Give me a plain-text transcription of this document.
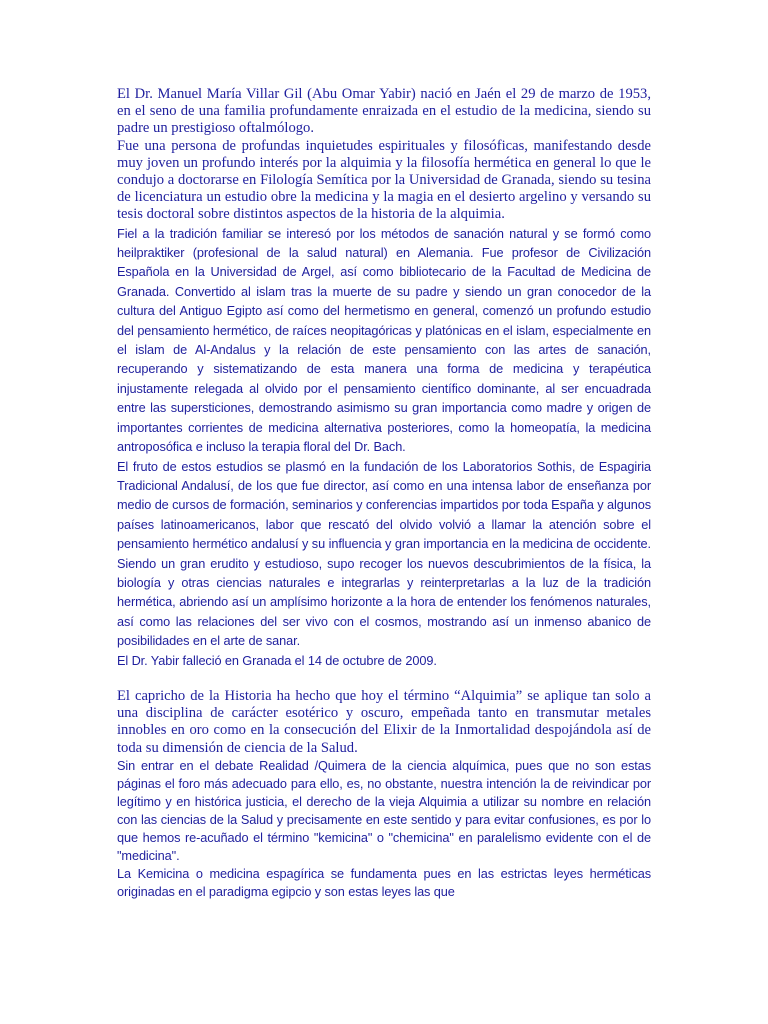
El Dr. Manuel María Villar Gil (Abu Omar Yabir) nació en Jaén el 29 de marzo de 1953, en el seno de una familia profundamente enraizada en el estudio de la medicina, siendo su padre un prestigioso oftalmólogo.

Fue una persona de profundas inquietudes espirituales y filosóficas, manifestando desde muy joven un profundo interés por la alquimia y la filosofía hermética en general lo que le condujo a doctorarse en Filología Semítica por la Universidad de Granada, siendo su tesina de licenciatura un estudio obre la medicina y la magia en el desierto argelino y versando su tesis doctoral sobre distintos aspectos de la historia de la alquimia.

Fiel a la tradición familiar se interesó por los métodos de sanación natural y se formó como heilpraktiker (profesional de la salud natural) en Alemania. Fue profesor de Civilización Española en la Universidad de Argel, así como bibliotecario de la Facultad de Medicina de Granada. Convertido al islam tras la muerte de su padre y siendo un gran conocedor de la cultura del Antiguo Egipto así como del hermetismo en general, comenzó un profundo estudio del pensamiento hermético, de raíces neopitagóricas y platónicas en el islam, especialmente en el islam de Al-Andalus y la relación de este pensamiento con las artes de sanación, recuperando y sistematizando de esta manera una forma de medicina y terapéutica injustamente relegada al olvido por el pensamiento científico dominante, al ser encuadrada entre las supersticiones, demostrando asimismo su gran importancia como madre y origen de importantes corrientes de medicina alternativa posteriores, como la homeopatía, la medicina antroposófica e incluso la terapia floral del Dr. Bach.

El fruto de estos estudios se plasmó en la fundación de los Laboratorios Sothis, de Espagiria Tradicional Andalusí, de los que fue director, así como en una intensa labor de enseñanza por medio de cursos de formación, seminarios y conferencias impartidos por toda España y algunos países latinoamericanos, labor que rescató del olvido volvió a llamar la atención sobre el pensamiento hermético andalusí y su influencia y gran importancia en la medicina de occidente. Siendo un gran erudito y estudioso, supo recoger los nuevos descubrimientos de la física, la biología y otras ciencias naturales e integrarlas y reinterpretarlas a la luz de la tradición hermética, abriendo así un amplísimo horizonte a la hora de entender los fenómenos naturales, así como las relaciones del ser vivo con el cosmos, mostrando así un inmenso abanico de posibilidades en el arte de sanar.

El Dr. Yabir falleció en Granada el 14 de octubre de 2009.

El capricho de la Historia ha hecho que hoy el término “Alquimia” se aplique tan solo a una disciplina de carácter esotérico y oscuro, empeñada tanto en transmutar metales innobles en oro como en la consecución del Elixir de la Inmortalidad despojándola así de toda su dimensión de ciencia de la Salud.

Sin entrar en el debate Realidad /Quimera de la ciencia alquímica, pues que no son estas páginas el foro más adecuado para ello, es, no obstante, nuestra intención la de reivindicar por legítimo y en histórica justicia, el derecho de la vieja Alquimia a utilizar su nombre en relación con las ciencias de la Salud y precisamente en este sentido y para evitar confusiones, es por lo que hemos re-acuñado el término "kemicina" o "chemicina" en paralelismo evidente con el de "medicina".

La Kemicina o medicina espagírica se fundamenta pues en las estrictas leyes herméticas originadas en el paradigma egipcio y son estas leyes las que
